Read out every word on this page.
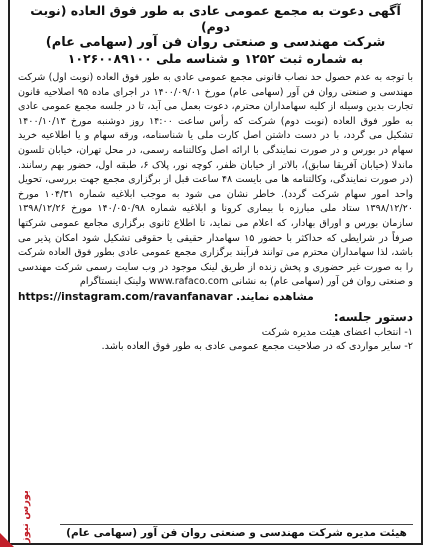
آگهی دعوت به مجمع عمومی عادی به طور فوق العاده (نوبت دوم)
شرکت مهندسی و صنعتی روان فن آور (سهامی عام)
به شماره ثبت ۱۲۵۲ و شناسه ملی ۱۰۲۶۰۰۸۹۱۰۰
با توجه به عدم حصول حد نصاب قانونی مجمع عمومی عادی به طور فوق العاده (نوبت اول) شرکت مهندسی و صنعتی روان فن آور (سهامی عام) مورخ ۱۴۰۰/۰۹/۰۱ در اجرای ماده ۹۵ اصلاحیه قانون تجارت بدین وسیله از کلیه سهامداران محترم، دعوت بعمل می آید، تا در جلسه مجمع عمومی عادی به طور فوق العاده (نوبت دوم) شرکت که رأس ساعت ۱۴:۰۰ روز دوشنبه مورخ ۱۴۰۰/۱۰/۱۳ تشکیل می گردد، با در دست داشتن اصل کارت ملی یا شناسنامه، ورقه سهام و یا اطلاعیه خرید سهام در بورس و در صورت نمایندگی با ارائه اصل وکالتنامه رسمی، در محل تهران، خیابان تلسون ماندلا (خیابان آفریقا سابق)، بالاتر از خیابان ظفر، کوچه نور، پلاک ۶، طبقه اول، حضور بهم رسانند. (در صورت نمایندگی، وکالتنامه ها می بایست ۴۸ ساعت قبل از برگزاری مجمع جهت بررسی، تحویل واحد امور سهام شرکت گردد). خاطر نشان می شود به موجب ابلاغیه شماره ۱۰۴/۳۱ مورخ ۱۳۹۸/۱۲/۲۰ ستاد ملی مبارزه با بیماری کرونا و ابلاغیه شماره ۱۴۰/۰۵۰/۹۸ مورخ ۱۳۹۸/۱۲/۲۶ سازمان بورس و اوراق بهادار، که اعلام می نماید، تا اطلاع ثانوی برگزاری مجامع عمومی شرکتها صرفاً در شرایطی که حداکثر با حضور ۱۵ سهامدار حقیقی یا حقوقی تشکیل شود امکان پذیر می باشد، لذا سهامداران محترم می توانند فرآیند برگزاری مجمع عمومی عادی بطور فوق العاده شرکت را به صورت غیر حضوری و پخش زنده از طریق لینک موجود در وب سایت رسمی شرکت مهندسی و صنعتی روان فن آور (سهامی عام) به نشانی www.rafaco.com ولینک اینستاگرام
https://instagram.com/ravanfanavar مشاهده نمایند.
دستور جلسه:
۱- انتخاب اعضای هیئت مدیره شرکت
۲- سایر مواردی که در صلاحیت مجمع عمومی عادی به طور فوق العاده باشد.
هیئت مدیره شرکت مهندسی و صنعتی روان فن آور (سهامی عام)
بورس نیوز
